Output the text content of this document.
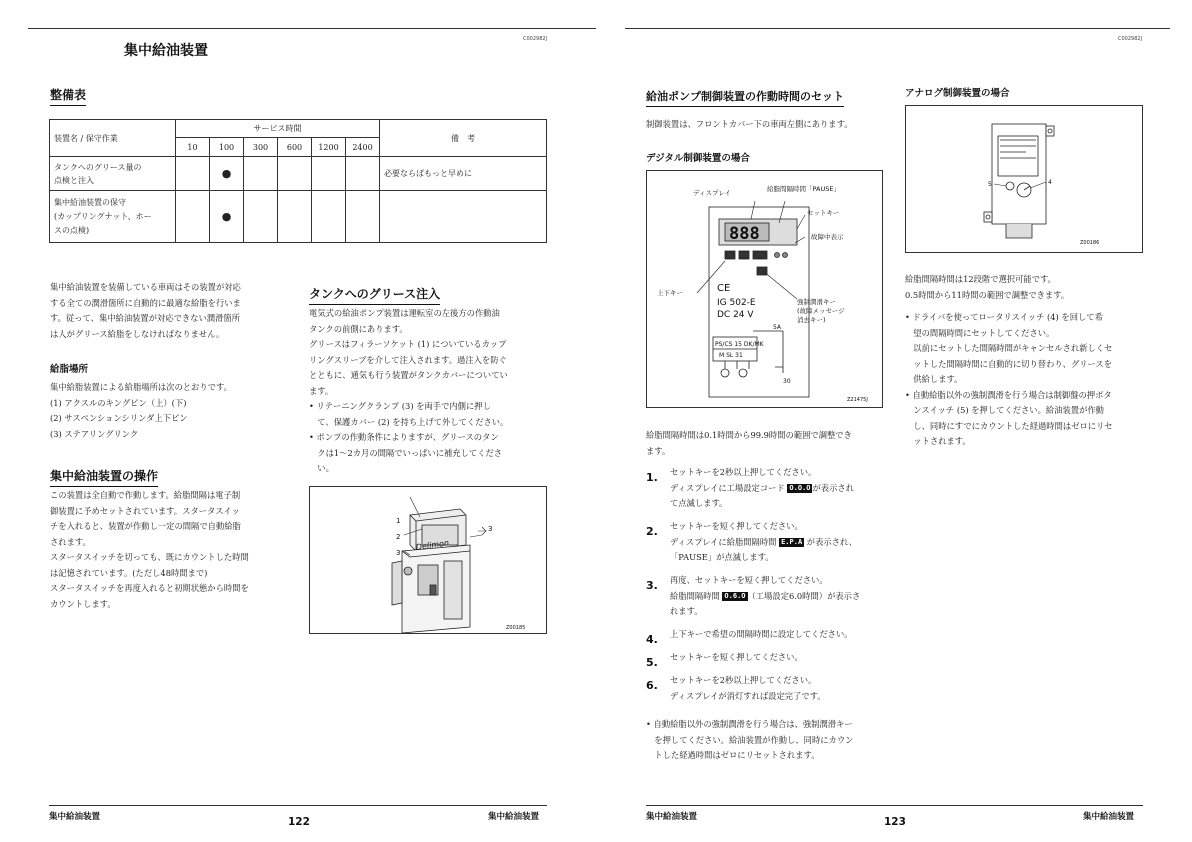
C002982J
集中給油装置
整備表
装置名 / 保守作業	サービス時間						備　考
	10	100	300	600	1200	2400	

タンクへのグリース量の
点検と注入		●					必要ならばもっと早めに

集中給油装置の保守
(カップリングナット、ホー
スの点検)		●					
集中給油装置を装備している車両はその装置が対応
する全ての潤滑箇所に自動的に最適な給脂を行いま
す。従って、集中給油装置が対応できない潤滑箇所
は人がグリース給脂をしなければなりません。
給脂場所
集中給脂装置による給脂場所は次のとおりです。
(1) アクスルのキングピン（上）(下)
(2) サスペンションシリンダ上下ピン
(3) ステアリングリンク
集中給油装置の操作
この装置は全自動で作動します。給脂間隔は電子制
御装置に予めセットされています。スタータスイッ
チを入れると、装置が作動し一定の間隔で自動給脂
されます。
スタータスイッチを切っても、既にカウントした時間
は記憶されています。(ただし48時間まで)
スタータスイッチを再度入れると初期状態から時間を
カウントします。
タンクへのグリース注入
電気式の給油ポンプ装置は運転室の左後方の作動油
タンクの前側にあります。
グリースはフィラーソケット (1) についているカップ
リングスリーブを介して注入されます。過注入を防ぐ
とともに、通気も行う装置がタンクカバーについてい
ます。
• リテーニングクランプ (3) を両手で内側に押し
　て、保護カバー (2) を持ち上げて外してください。
• ポンプの作動条件によりますが、グリースのタン
　クは1～2カ月の間隔でいっぱいに補充してくださ
　い。
Delimon
1
2
3
3
Z00185
集中給油装置	122	集中給油装置
C002982J
給油ポンプ制御装置の作動時間のセット
制御装置は、フロントカバー下の車両左側にあります。
デジタル制御装置の場合
888
ディスプレイ	給脂間隔時間「PAUSE」
セットキー
故障中表示
上下キー
強制潤滑キー
(故障メッセージ
消去キー)
CE
IG 502-E
DC 24 V
5A
PS/CS 15 DK/MK
M SL 31
30
Z21475J
給脂間隔時間は0.1時間から99.9時間の範囲で調整でき
ます。
1. セットキーを2秒以上押してください。
ディスプレイに工場設定コード O.O.O が表示され
て点滅します。
2. セットキーを短く押してください。
ディスプレイに給脂間隔時間 E.P.A が表示され、
「PAUSE」が点滅します。
3. 再度、セットキーを短く押してください。
給脂間隔時間 O.6.O （工場設定6.0時間）が表示さ
れます。
4. 上下キーで希望の間隔時間に設定してください。
5. セットキーを短く押してください。
6. セットキーを2秒以上押してください。
ディスプレイが消灯すれば設定完了です。
• 自動給脂以外の強制潤滑を行う場合は、強制潤滑キー
　を押してください。給油装置が作動し、同時にカウン
　トした経過時間はゼロにリセットされます。
アナログ制御装置の場合
5	4
Z00186
給脂間隔時間は12段階で選択可能です。
0.5時間から11時間の範囲で調整できます。
• ドライバを使ってロータリスイッチ (4) を回して希
　望の間隔時間にセットしてください。
　以前にセットした間隔時間がキャンセルされ新しくセ
　ットした間隔時間に自動的に切り替わり、グリースを
　供給します。
• 自動給脂以外の強制潤滑を行う場合は制御盤の押ボタ
　ンスイッチ (5) を押してください。給油装置が作動
　し、同時にすでにカウントした経過時間はゼロにリセ
　ットされます。
集中給油装置	123	集中給油装置
